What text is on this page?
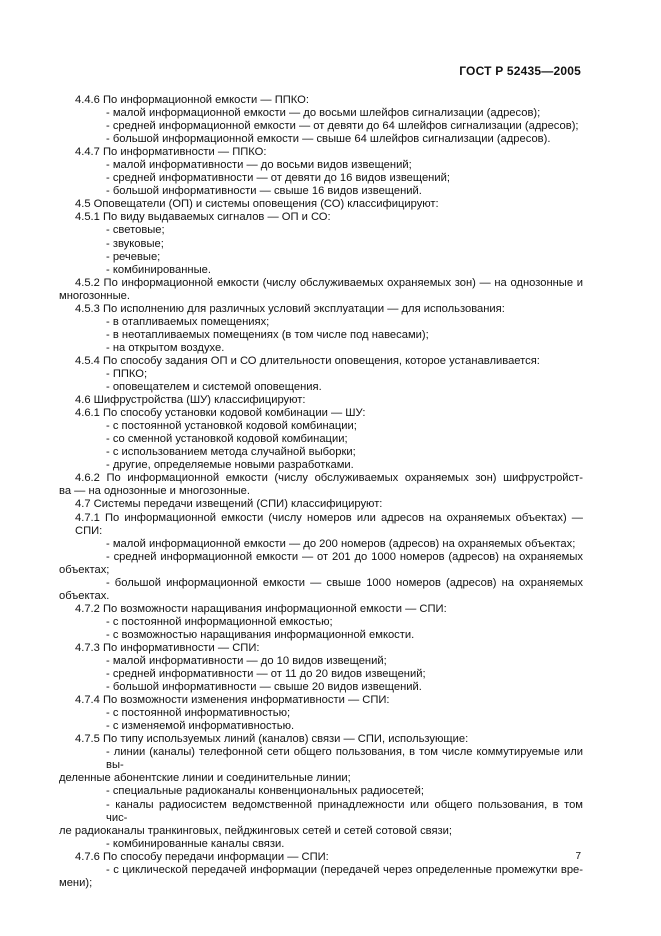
ГОСТ Р 52435—2005
4.4.6 По информационной емкости — ППКО:
- малой информационной емкости — до восьми шлейфов сигнализации (адресов);
- средней информационной емкости — от девяти до 64 шлейфов сигнализации (адресов);
- большой информационной емкости — свыше 64 шлейфов сигнализации (адресов).
4.4.7 По информативности — ППКО:
- малой информативности — до восьми видов извещений;
- средней информативности — от девяти до 16 видов извещений;
- большой информативности — свыше 16 видов извещений.
4.5 Оповещатели (ОП) и системы оповещения (СО) классифицируют:
4.5.1 По виду выдаваемых сигналов — ОП и СО:
- световые;
- звуковые;
- речевые;
- комбинированные.
4.5.2 По информационной емкости (числу обслуживаемых охраняемых зон) — на однозонные и
многозонные.
4.5.3 По исполнению для различных условий эксплуатации — для использования:
- в отапливаемых помещениях;
- в неотапливаемых помещениях (в том числе под навесами);
- на открытом воздухе.
4.5.4 По способу задания ОП и СО длительности оповещения, которое устанавливается:
- ППКО;
- оповещателем и системой оповещения.
4.6 Шифрустройства (ШУ) классифицируют:
4.6.1 По способу установки кодовой комбинации — ШУ:
- с постоянной установкой кодовой комбинации;
- со сменной установкой кодовой комбинации;
- с использованием метода случайной выборки;
- другие, определяемые новыми разработками.
4.6.2 По информационной емкости (числу обслуживаемых охраняемых зон) шифрустройст-
ва — на однозонные и многозонные.
4.7 Системы передачи извещений (СПИ) классифицируют:
4.7.1 По информационной емкости (числу номеров или адресов на охраняемых объектах) — СПИ:
- малой информационной емкости — до 200 номеров (адресов) на охраняемых объектах;
- средней информационной емкости — от 201 до 1000 номеров (адресов) на охраняемых
объектах;
- большой информационной емкости — свыше 1000 номеров (адресов) на охраняемых
объектах.
4.7.2 По возможности наращивания информационной емкости — СПИ:
- с постоянной информационной емкостью;
- с возможностью наращивания информационной емкости.
4.7.3 По информативности — СПИ:
- малой информативности — до 10 видов извещений;
- средней информативности — от 11 до 20 видов извещений;
- большой информативности — свыше 20 видов извещений.
4.7.4 По возможности изменения информативности — СПИ:
- с постоянной информативностью;
- с изменяемой информативностью.
4.7.5 По типу используемых линий (каналов) связи — СПИ, использующие:
- линии (каналы) телефонной сети общего пользования, в том числе коммутируемые или вы-
деленные абонентские линии и соединительные линии;
- специальные радиоканалы конвенциональных радиосетей;
- каналы радиосистем ведомственной принадлежности или общего пользования, в том чис-
ле радиоканалы транкинговых, пейджинговых сетей и сетей сотовой связи;
- комбинированные каналы связи.
4.7.6 По способу передачи информации — СПИ:
- с циклической передачей информации (передачей через определенные промежутки вре-
мени);
7
